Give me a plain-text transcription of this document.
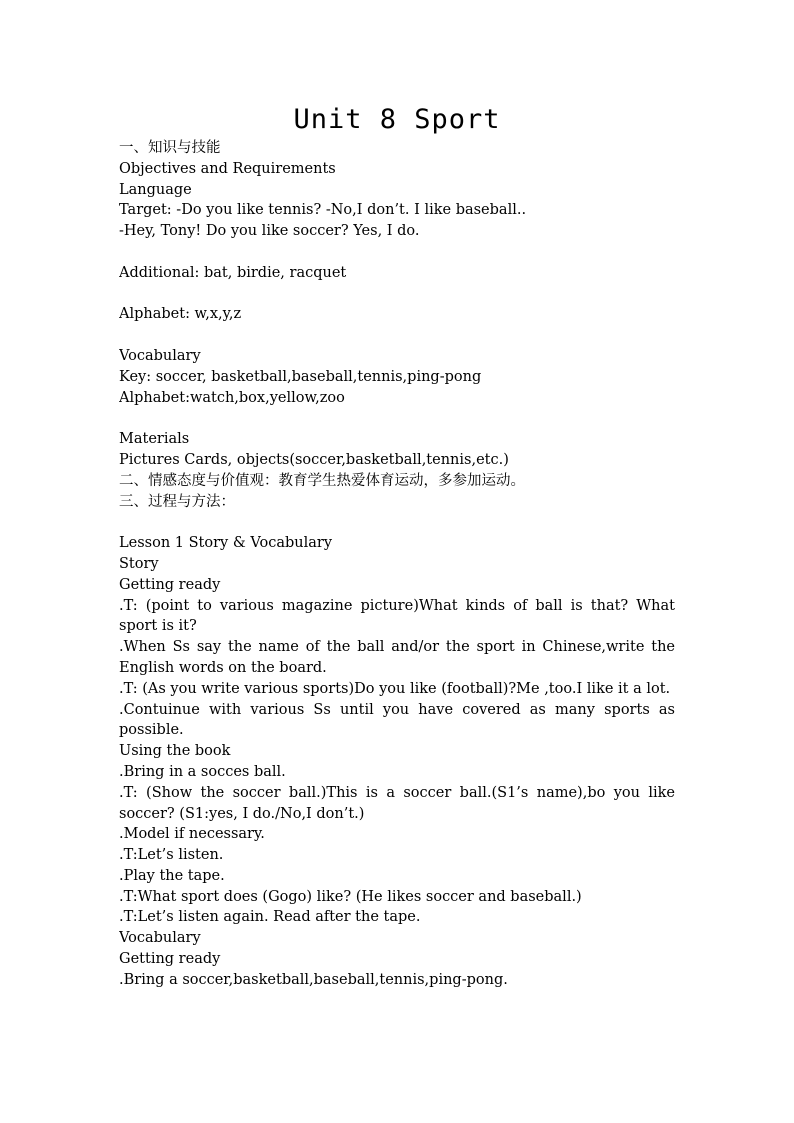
Unit 8 Sport
一、知识与技能
Objectives and Requirements
Language
Target: -Do you like tennis? -No,I don’t. I like baseball..
-Hey, Tony! Do you like soccer? Yes, I do.
Additional: bat, birdie, racquet
Alphabet: w,x,y,z
Vocabulary
Key: soccer, basketball,baseball,tennis,ping-pong
Alphabet:watch,box,yellow,zoo
Materials
Pictures Cards, objects(soccer,basketball,tennis,etc.)
二、情感态度与价值观：教育学生热爱体育运动，多参加运动。
三、过程与方法：
Lesson 1 Story & Vocabulary
Story
Getting ready
.T: (point to various magazine picture)What kinds of ball is that? What sport is it?
.When Ss say the name of the ball and/or the sport in Chinese,write the English words on the board.
.T: (As you write various sports)Do you like (football)?Me ,too.I like it a lot.
.Contuinue with various Ss until you have covered as many sports as possible.
Using the book
.Bring in a socces ball.
.T: (Show the soccer ball.)This is a soccer ball.(S1’s name),bo you like soccer? (S1:yes, I do./No,I don’t.)
.Model if necessary.
.T:Let’s listen.
.Play the tape.
.T:What sport does (Gogo) like? (He likes soccer and baseball.)
.T:Let’s listen again. Read after the tape.
Vocabulary
Getting ready
.Bring a soccer,basketball,baseball,tennis,ping-pong.
